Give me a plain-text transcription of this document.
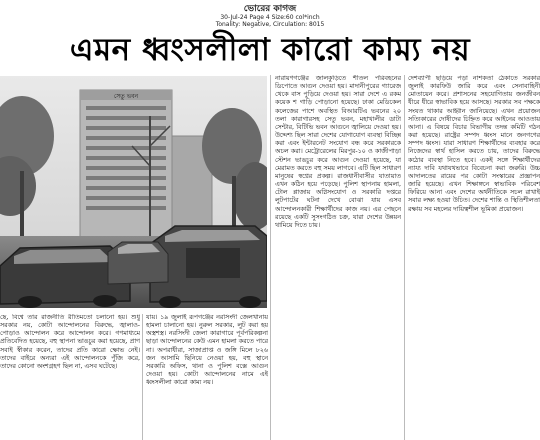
ভোরের কাগজ
30-Jul-24 Page 4 Size:60 col*inch
Tonality: Negative, Circulation: 8015
এমন ধ্বংসলীলা কারো কাম্য নয়
সেতু ভবন

ছে, বিশ্বে তার রাজনীতি রীতিমতো চলানো হয়। শুধু সরকার নয়, কোটা আন্দোলনের বিরুদ্ধে, জ্বালাও-পোড়াও আন্দোলন করে আন্দোলন করে। গণমাধ্যমে প্রতিবেদিত হয়েছে, বহু স্থাপনা ভাঙচুর করা হয়েছে, প্রাণ সবাই স্বীকার করেন, তাদের প্রতি কারো ক্ষোভ নেই। তাদের বাইরে অন্যরা এই আন্দোলনকে পুঁজি করে, তাদের কোনো অংশগ্রহণ ছিল না, এসব ঘটেছে।

যায়। ১৯ জুলাই রূপগঞ্জের নরসিংদী জেলখানায় হামলা চালানো হয়। নুরুল সরকার, লুট করা হয় অস্ত্রশস্ত্র। নরসিংদী জেলা কারাগারে পূর্বপরিকল্পনা ছাড়া আন্দোলনের কেউ এমন হামলা করতে পারে না। অপরাধীরা, সাজাপ্রাপ্ত ও জঙ্গি মিলে ৮২৬ জন আসামি ছিনিয়ে নেওয়া হয়, বহু স্থানে সরকারি অফিস, থানা ও পুলিশ বক্সে আগুন দেওয়া হয়। কোটা আন্দোলনের নামে এই ধ্বংসলীলা কারো কাম্য নয়।

নারায়ণগঞ্জের জালকুড়িতে শীতল পরিবহনের ডিপোতে আগুন দেওয়া হয়। মাদানীপুরের গ্যারেজ থেকে বাস পুড়িয়ে দেওয়া হয়। সারা দেশে এ রকম কয়েক শ গাড়ি পোড়ানো হয়েছে। ঢাকা মেডিকেল কলেজের পাশে অবস্থিত বিআরটিএ ভবনের ২০ তলা কারাগারসহ সেতু ভবন, মহাখালীর ডাটা সেন্টার, বিটিভি ভবন আগুনে জ্বালিয়ে দেওয়া হয়। উদ্দেশ্য ছিল সারা দেশের যোগাযোগ ব্যবস্থা বিচ্ছিন্ন করা এবং ইন্টারনেট সংযোগ বন্ধ করে সরকারকে অচল করা। মেট্রোরেলের মিরপুর-১০ ও কাজীপাড়া স্টেশন ভাঙচুর করে আগুন দেওয়া হয়েছে, যা মেরামত করতে বহু সময় লাগবে। এটি ছিল সাধারণ মানুষের স্বপ্নের প্রকল্প। রাজধানীবাসীর যাতায়াত এখন কঠিন হয়ে পড়েছে। পুলিশ স্থাপনায় হামলা, টোল প্লাজায় অগ্নিসংযোগ ও সরকারি দপ্তরে লুটপাটের ঘটনা দেখে বোঝা যায় এসব আন্দোলনকারী শিক্ষার্থীদের কাজ নয়। এর পেছনে রয়েছে একটি সুসংগঠিত চক্র, যারা দেশের উন্নয়ন থামিয়ে দিতে চায়।

দেশব্যাপী ছড়িয়ে পড়া নাশকতা ঠেকাতে সরকার জুলাই কারফিউ জারি করে এবং সেনাবাহিনী মোতায়েন করে। প্রশাসনের সহযোগিতায় জনজীবন ধীরে ধীরে স্বাভাবিক হয়ে আসছে। সরকার সব পক্ষকে সংযত থাকার আহ্বান জানিয়েছে। এখন প্রয়োজন সত্যিকারের দোষীদের চিহ্নিত করে আইনের আওতায় আনা। এ বিষয়ে বিচার বিভাগীয় তদন্ত কমিটি গঠন করা হয়েছে। রাষ্ট্রের সম্পদ ধ্বংস মানে জনগণের সম্পদ ধ্বংস। যারা সাধারণ শিক্ষার্থীদের ব্যবহার করে নিজেদের স্বার্থ হাসিল করতে চায়, তাদের বিরুদ্ধে কঠোর ব্যবস্থা নিতে হবে। একই সঙ্গে শিক্ষার্থীদের ন্যায্য দাবি যথাযথভাবে বিবেচনা করা জরুরি। উচ্চ আদালতের রায়ের পর কোটা সংস্কারের প্রজ্ঞাপন জারি হয়েছে। এখন শিক্ষাঙ্গনে স্বাভাবিক পরিবেশ ফিরিয়ে আনা এবং দেশের অর্থনীতিকে সচল রাখাই সবার লক্ষ্য হওয়া উচিত। দেশের শান্তি ও স্থিতিশীলতা রক্ষায় সব মহলের দায়িত্বশীল ভূমিকা প্রয়োজন।
